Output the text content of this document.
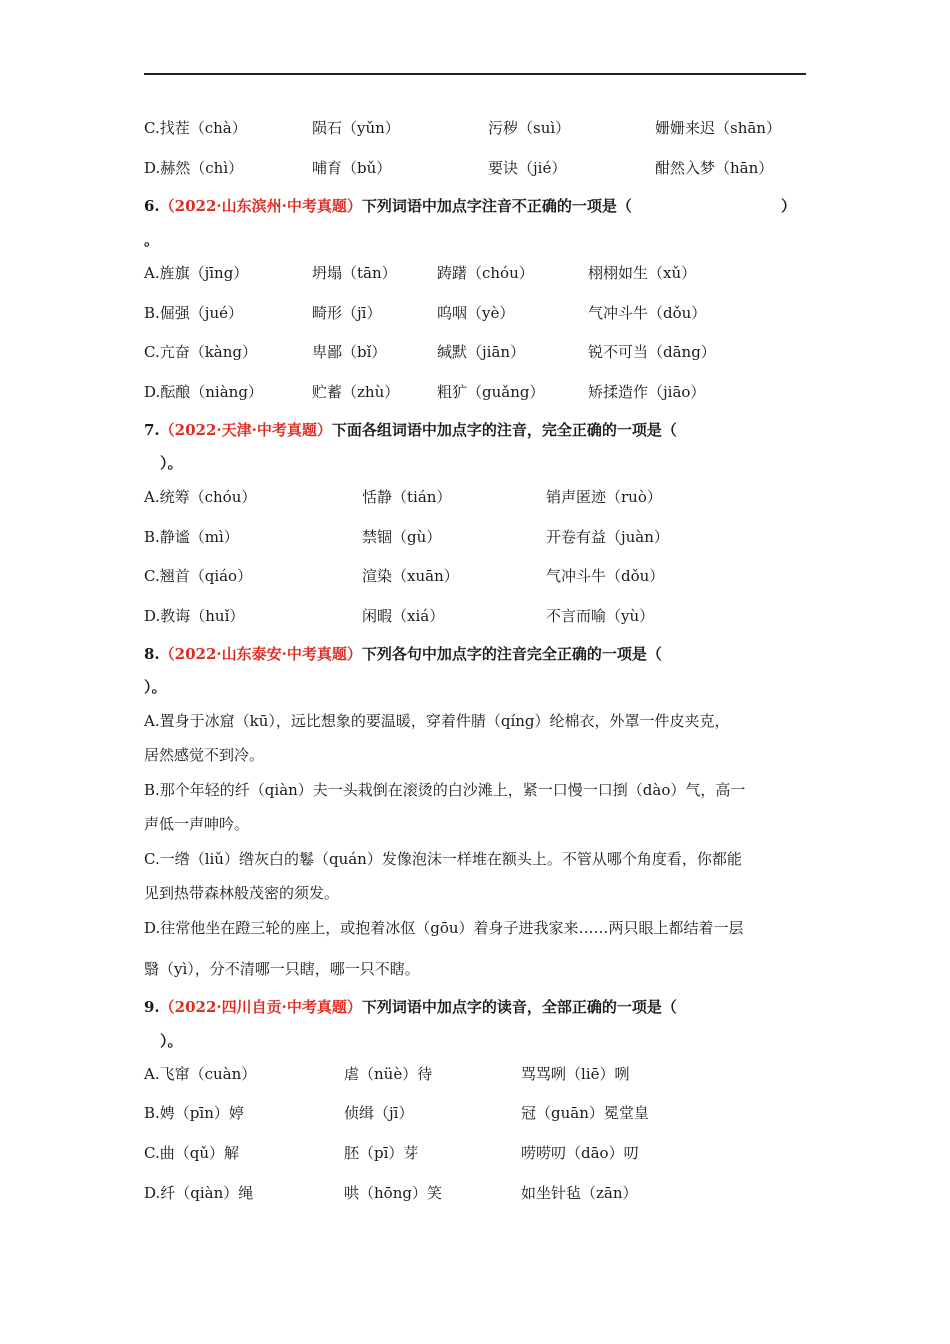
C.找茬（chà）	陨石（yǔn）	污秽（suì）	姗姗来迟（shān）
D.赫然（chì）	哺育（bǔ）	要诀（jié）	酣然入梦（hān）
6.（2022·山东滨州·中考真题）下列词语中加点字注音不正确的一项是（	）
。
A.旌旗（jīng）	坍塌（tān）	踌躇（chóu）	栩栩如生（xǔ）
B.倔强（jué）	畸形（jī）	呜咽（yè）	气冲斗牛（dǒu）
C.亢奋（kàng）	卑鄙（bǐ）	缄默（jiān）	锐不可当（dāng）
D.酝酿（niàng）	贮蓄（zhù）	粗犷（guǎng）	矫揉造作（jiāo）
7.（2022·天津·中考真题）下面各组词语中加点字的注音，完全正确的一项是（
）。
A.统筹（chóu）	恬静（tián）	销声匿迹（ruò）
B.静谧（mì）	禁锢（gù）	开卷有益（juàn）
C.翘首（qiáo）	渲染（xuān）	气冲斗牛（dǒu）
D.教诲（huǐ）	闲暇（xiá）	不言而喻（yù）
8.（2022·山东泰安·中考真题）下列各句中加点字的注音完全正确的一项是（
）。
A.置身于冰窟（kū），远比想象的要温暖，穿着件腈（qíng）纶棉衣，外罩一件皮夹克，
居然感觉不到冷。
B.那个年轻的纤（qiàn）夫一头栽倒在滚烫的白沙滩上，紧一口慢一口捯（dào）气，高一
声低一声呻吟。
C.一绺（liǔ）绺灰白的鬈（quán）发像泡沫一样堆在额头上。不管从哪个角度看，你都能
见到热带森林般茂密的须发。
D.往常他坐在蹬三轮的座上，或抱着冰伛（gōu）着身子进我家来……两只眼上都结着一层
翳（yì），分不清哪一只瞎，哪一只不瞎。
9.（2022·四川自贡·中考真题）下列词语中加点字的读音，全部正确的一项是（
）。
A.飞窜（cuàn）	虐（nüè）待	骂骂咧（liē）咧
B.娉（pīn）婷	侦缉（jī）	冠（guān）冕堂皇
C.曲（qǔ）解	胚（pī）芽	唠唠叨（dāo）叨
D.纤（qiàn）绳	哄（hōng）笑	如坐针毡（zān）
